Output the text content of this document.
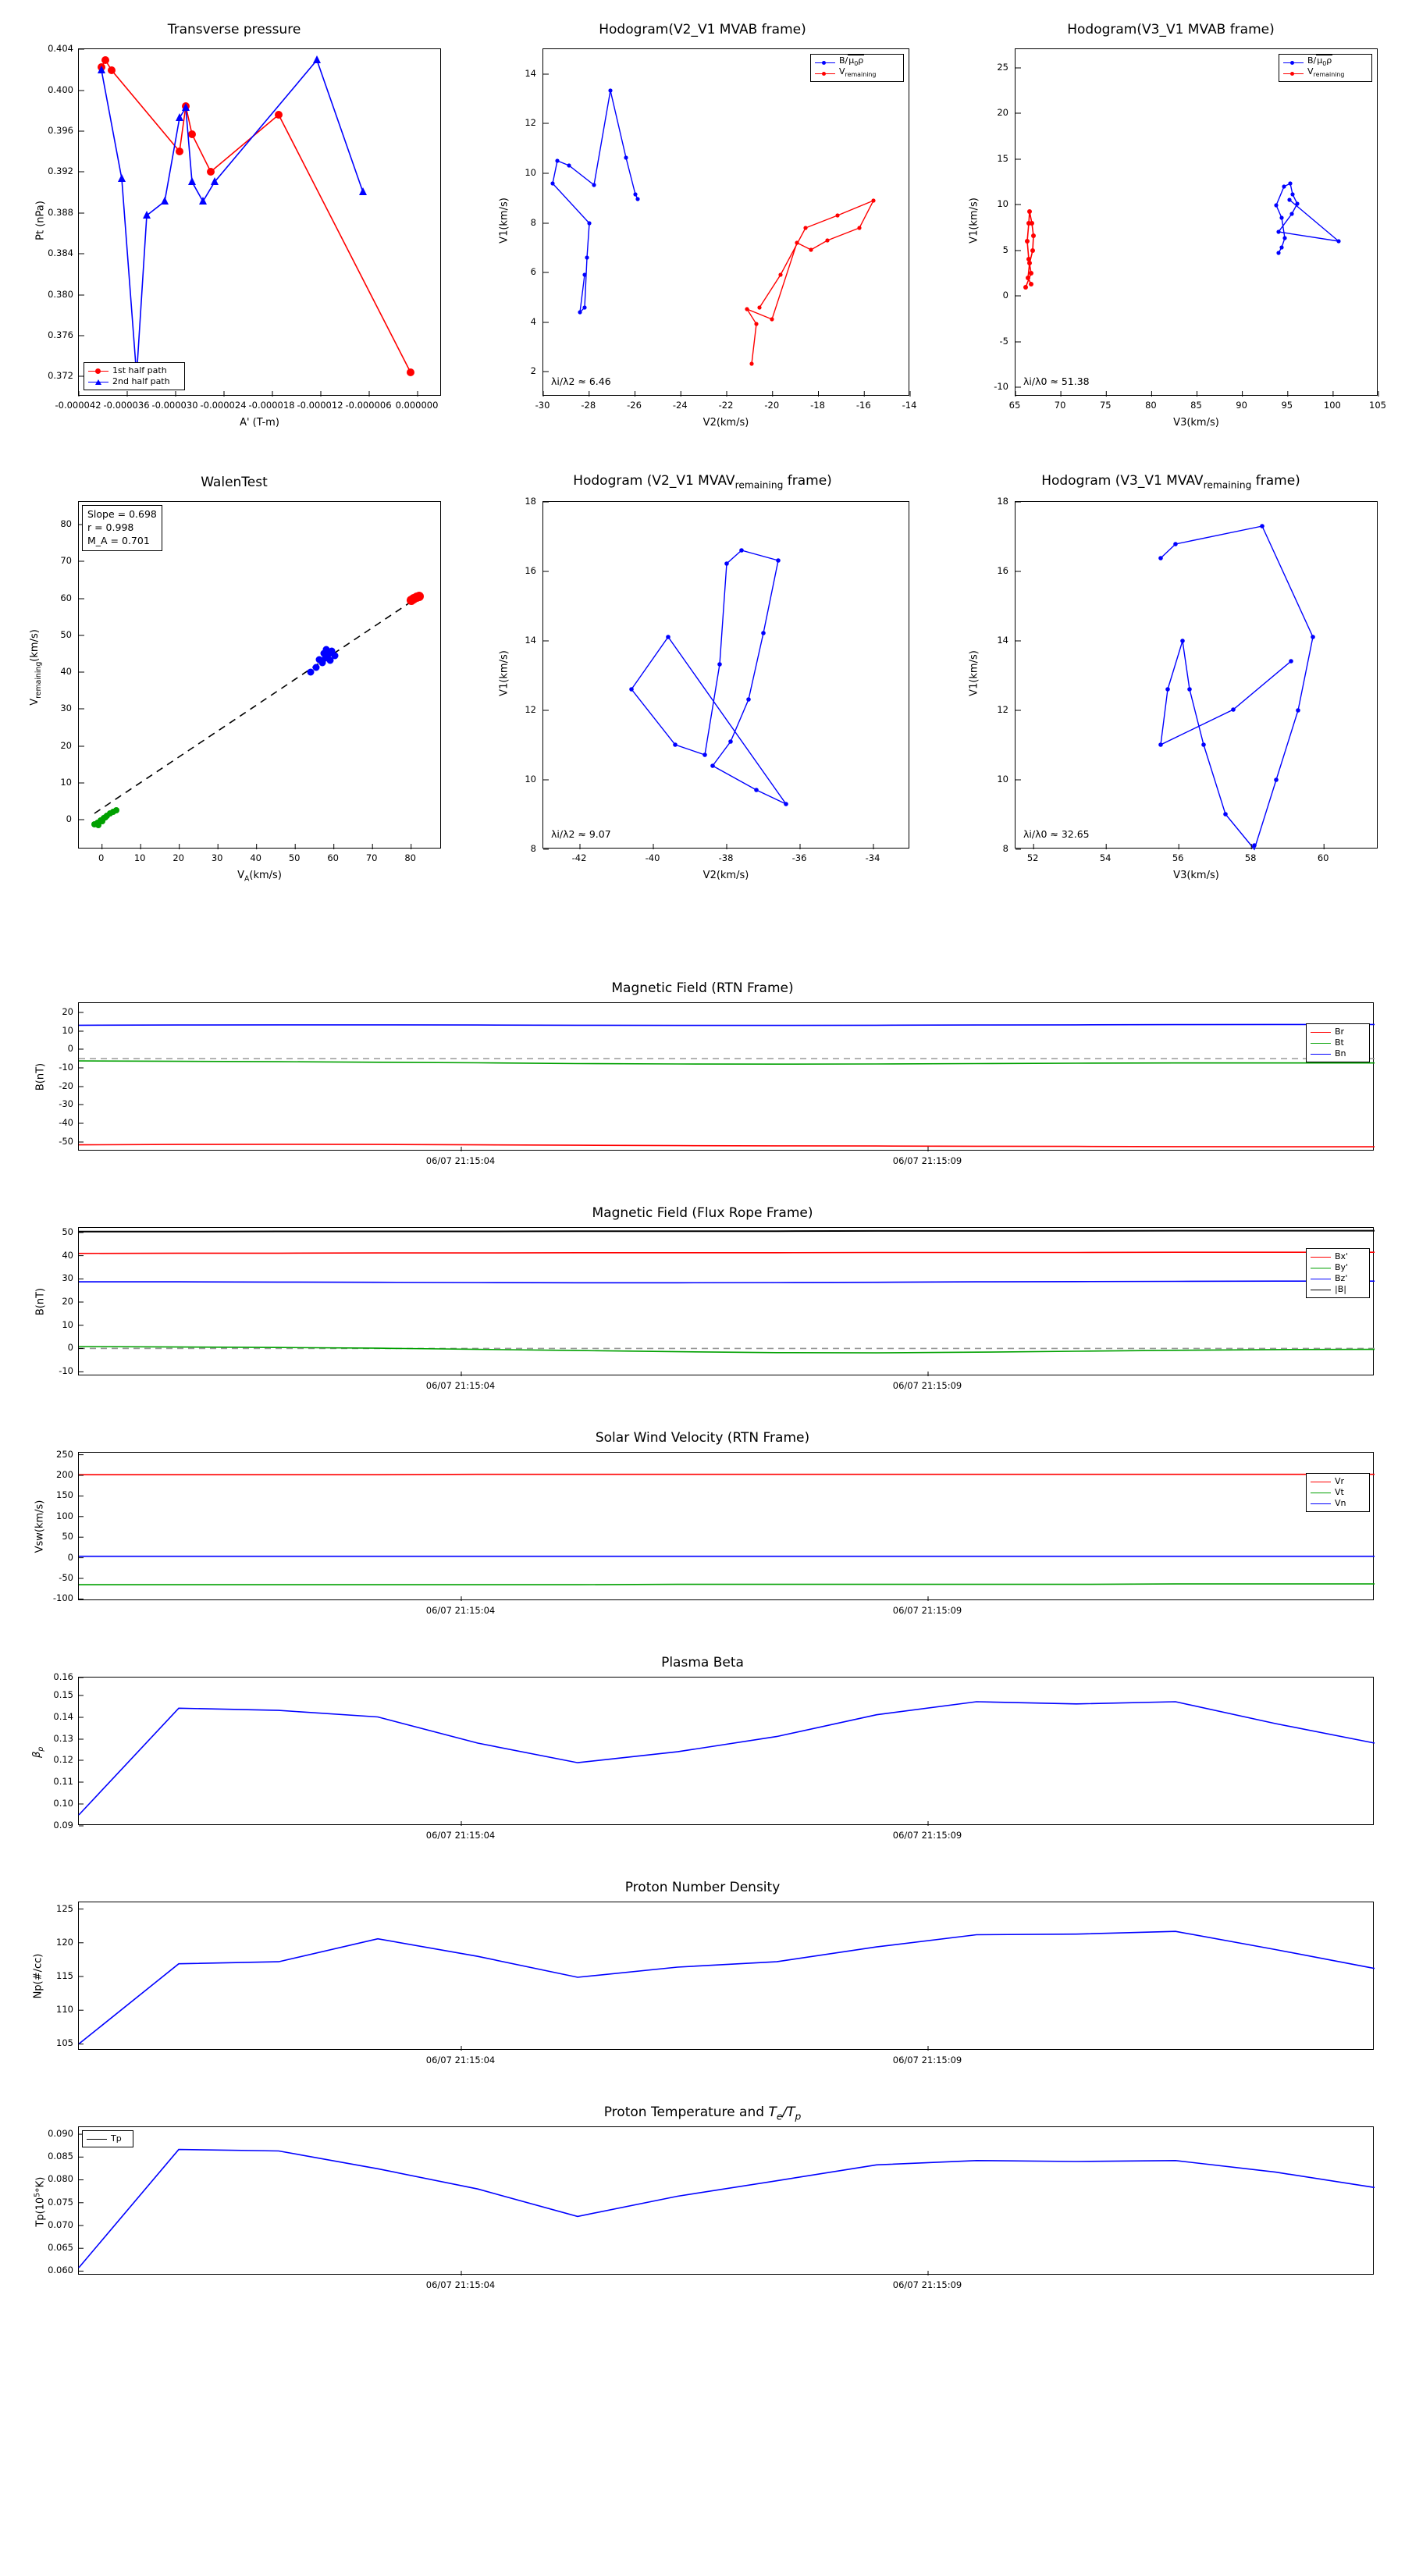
Transverse pressure
1st half path
2nd half path
Pt (nPa)
A' (T-m)
0.372
0.376
0.380
0.384
0.388
0.392
0.396
0.400
0.404
-0.000042 -0.000036 -0.000030 -0.000024 -0.000018 -0.000012 -0.000006 0.000000
Hodogram(V2_V1 MVAB frame)
$B/\mu_0\rho$
$V_{remaining}$
λi/λ2 ≈ 6.46
V1(km/s)
V2(km/s)
2
4
6
8
10
12
14
-30	-28	-26	-24	-22	-20	-18	-16	-14
Hodogram(V3_V1 MVAB frame)
$B/\mu_0\rho$
$V_{remaining}$
λi/λ0 ≈ 51.38
V1(km/s)
V3(km/s)
-10
-5
0
5
10
15
20
25
65	70	75	80	85	90	95	100	105
WalenTest
Slope = 0.698
r = 0.998
M_A = 0.701
$V_{remaining}(km/s)$
$V_A(km/s)$
0
10
20
30
40
50
60
70
80
0	10	20	30	40	50	60	70	80
Hodogram (V2_V1 $MVAV_{remaining}$ frame)
λi/λ2 ≈ 9.07
V1(km/s)
V2(km/s)
8
10
12
14
16
18
-42	-40	-38	-36	-34
Hodogram (V3_V1 $MVAV_{remaining}$ frame)
λi/λ0 ≈ 32.65
V1(km/s)
V3(km/s)
8
10
12
14
16
18
52	54	56	58	60
Magnetic Field (RTN Frame)
Br
Bt
Bn
B(nT)
-50
-40
-30
-20
-10
0
10
20
06/07 21:15:04	06/07 21:15:09
Magnetic Field (Flux Rope Frame)
Bx'
By'
Bz'
|B|
B(nT)
-10
0
10
20
30
40
50
06/07 21:15:04	06/07 21:15:09
Solar Wind Velocity (RTN Frame)
Vr
Vt
Vn
Vsw(km/s)
-100
-50
0
50
100
150
200
250
06/07 21:15:04	06/07 21:15:09
Plasma Beta
$\beta_p$
0.09
0.10
0.11
0.12
0.13
0.14
0.15
0.16
06/07 21:15:04	06/07 21:15:09
Proton Number Density
Np(#/cc)
105
110
115
120
125
06/07 21:15:04	06/07 21:15:09
Proton Temperature and $T_e/T_p$
Tp
$Tp(10^5^\circ K)$
0.060
0.065
0.070
0.075
0.080
0.085
0.090
06/07 21:15:04	06/07 21:15:09
